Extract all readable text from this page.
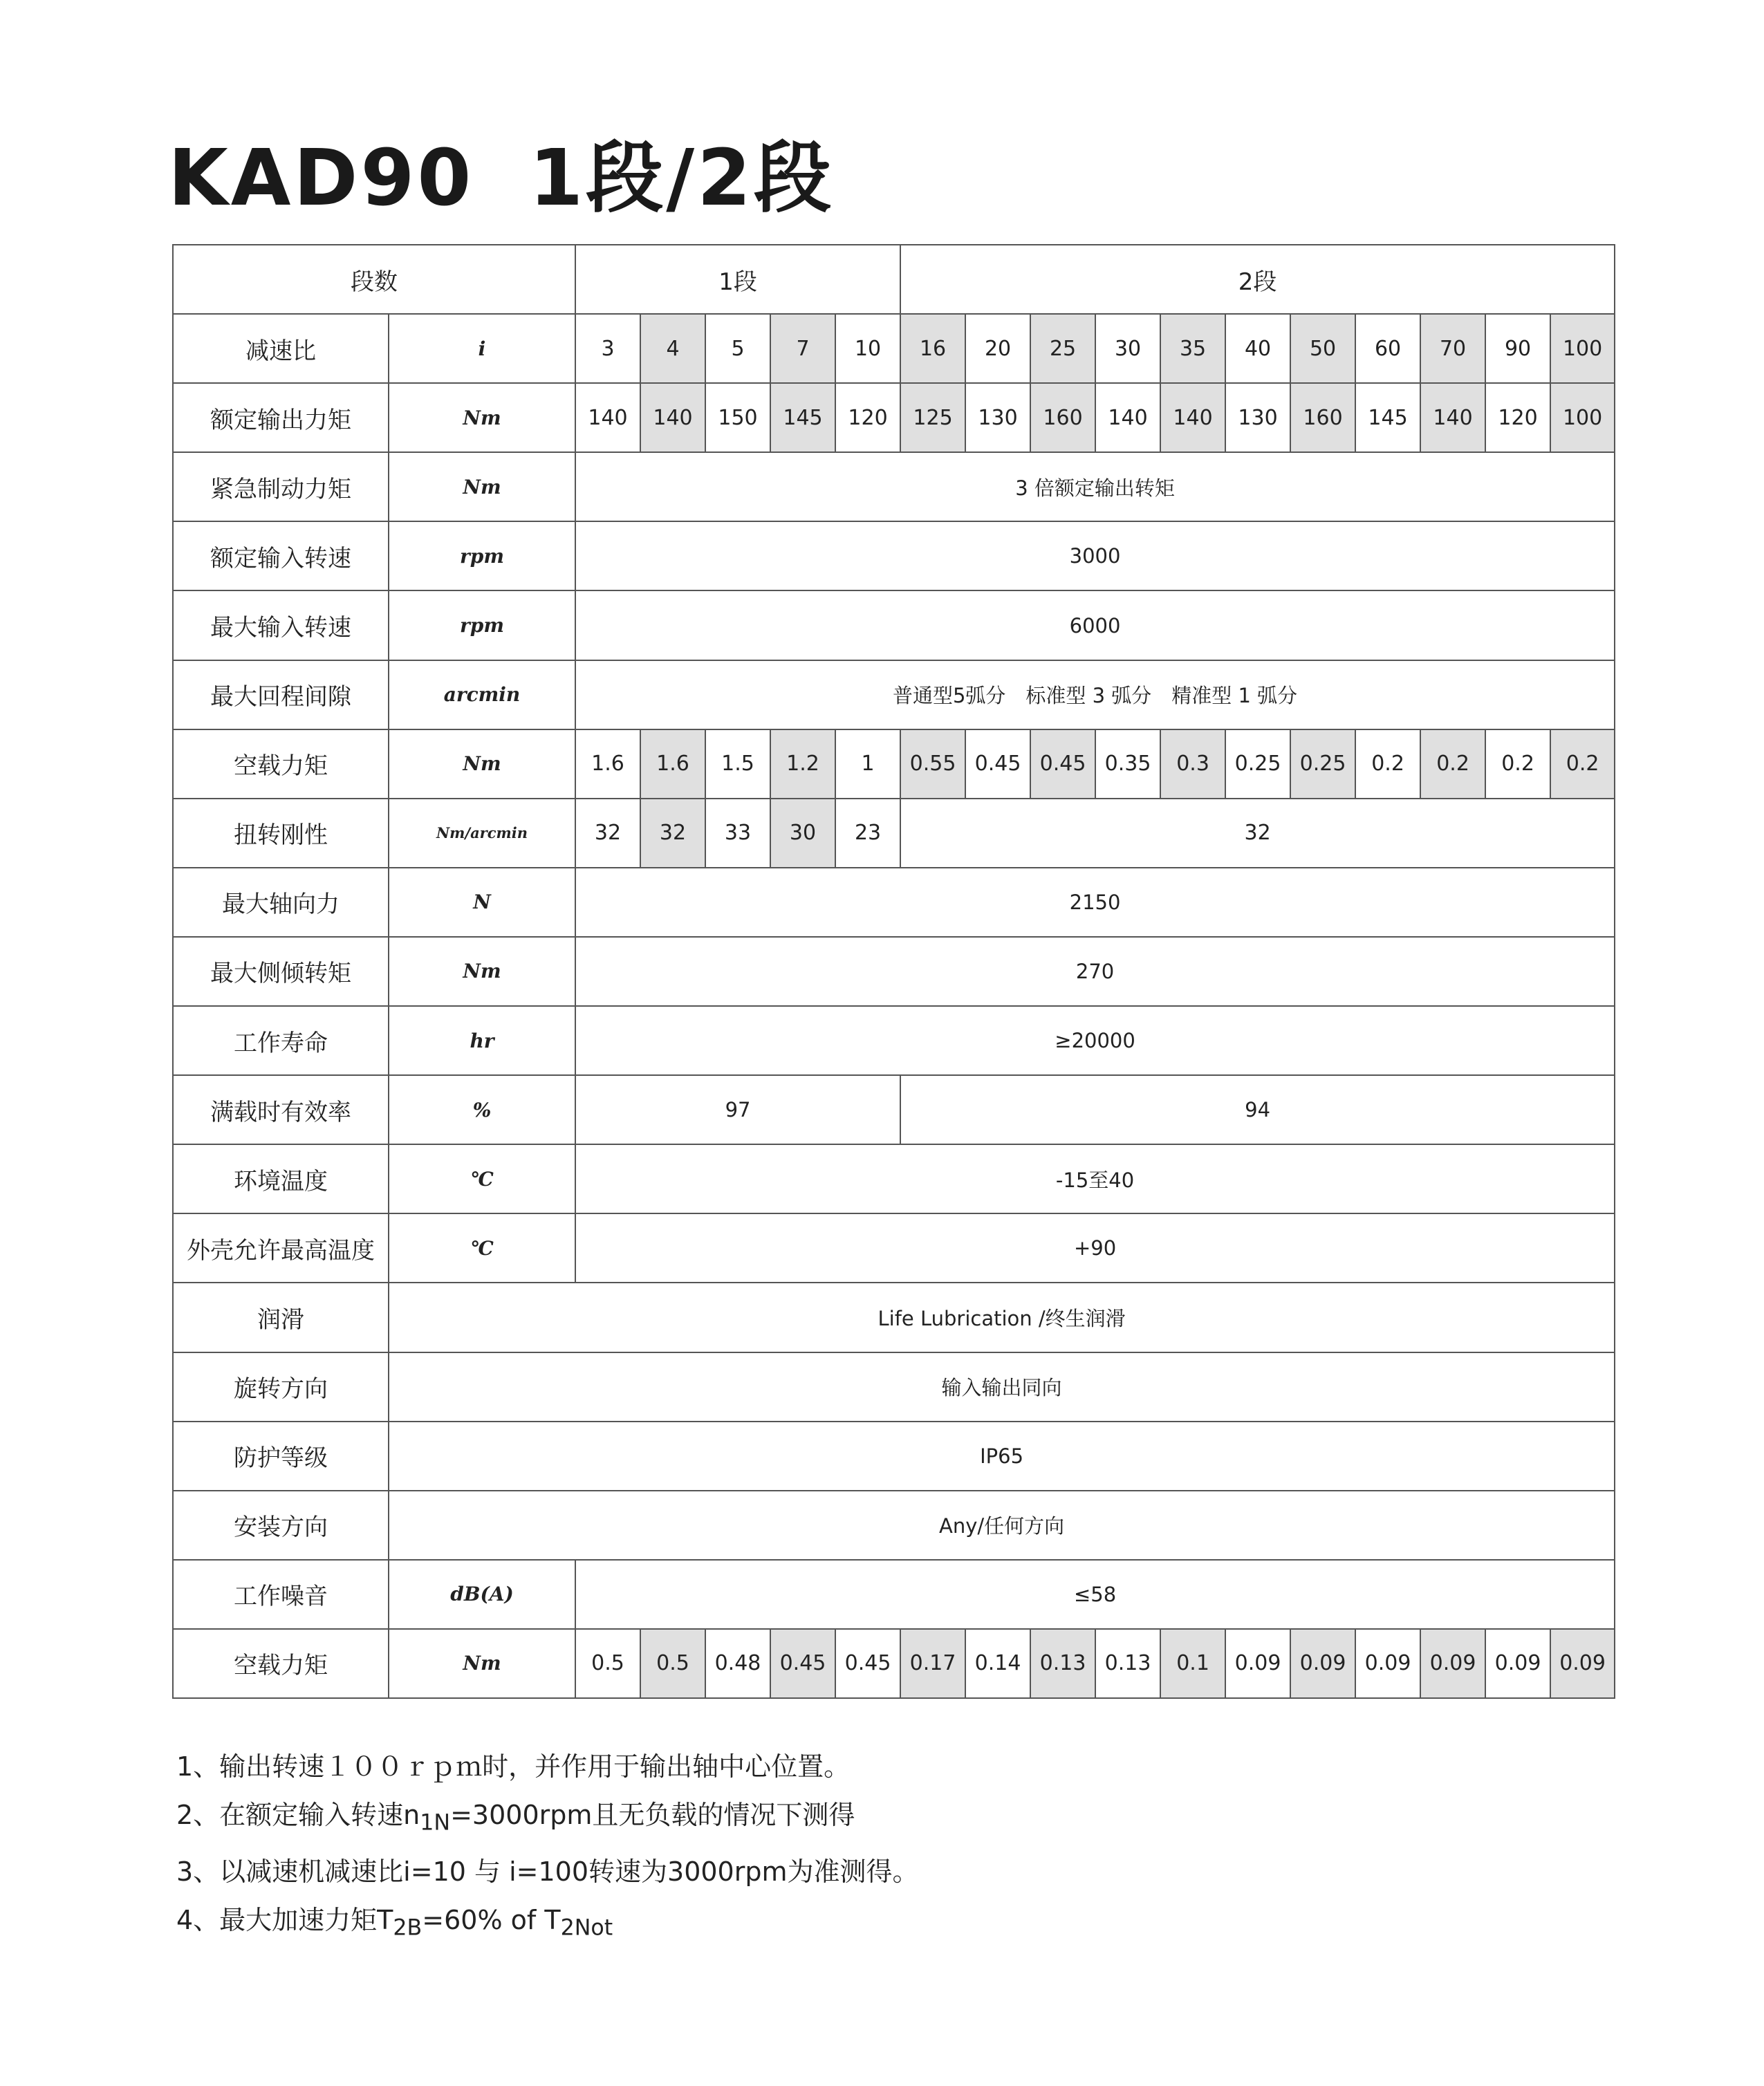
KAD90 1段/2段
段数		1段					2段										
减速比	i	3	4	5	7	10	16	20	25	30	35	40	50	60	70	90	100
额定输出力矩	Nm	140	140	150	145	120	125	130	160	140	140	130	160	145	140	120	100
紧急制动力矩	Nm	3 倍额定输出转矩															
额定输入转速	rpm	3000															
最大输入转速	rpm	6000															
最大回程间隙	arcmin	普通型5弧分　标准型 3 弧分　精准型 1 弧分															
空载力矩	Nm	1.6	1.6	1.5	1.2	1	0.55	0.45	0.45	0.35	0.3	0.25	0.25	0.2	0.2	0.2	0.2
扭转刚性	Nm/arcmin	32	32	33	30	23	32										
最大轴向力	N	2150															
最大侧倾转矩	Nm	270															
工作寿命	hr	≥20000															
满载时有效率	%	97					94										
环境温度	℃	-15至40															
外壳允许最高温度	℃	+90															
润滑	Life Lubrication /终生润滑																
旋转方向	输入输出同向																
防护等级	IP65																
安装方向	Any/任何方向																
工作噪音	dB(A)	≤58															
空载力矩	Nm	0.5	0.5	0.48	0.45	0.45	0.17	0.14	0.13	0.13	0.1	0.09	0.09	0.09	0.09	0.09	0.09
1、输出转速１００ｒｐｍ时，并作用于输出轴中心位置。
2、在额定输入转速$n_{1N}=3000rpm$且无负载的情况下测得
3、以减速机减速比i=10 与 i=100转速为3000rpm为准测得。
4、最大加速力矩$T_{2B}=60\%$ of $T_{2Not}$
